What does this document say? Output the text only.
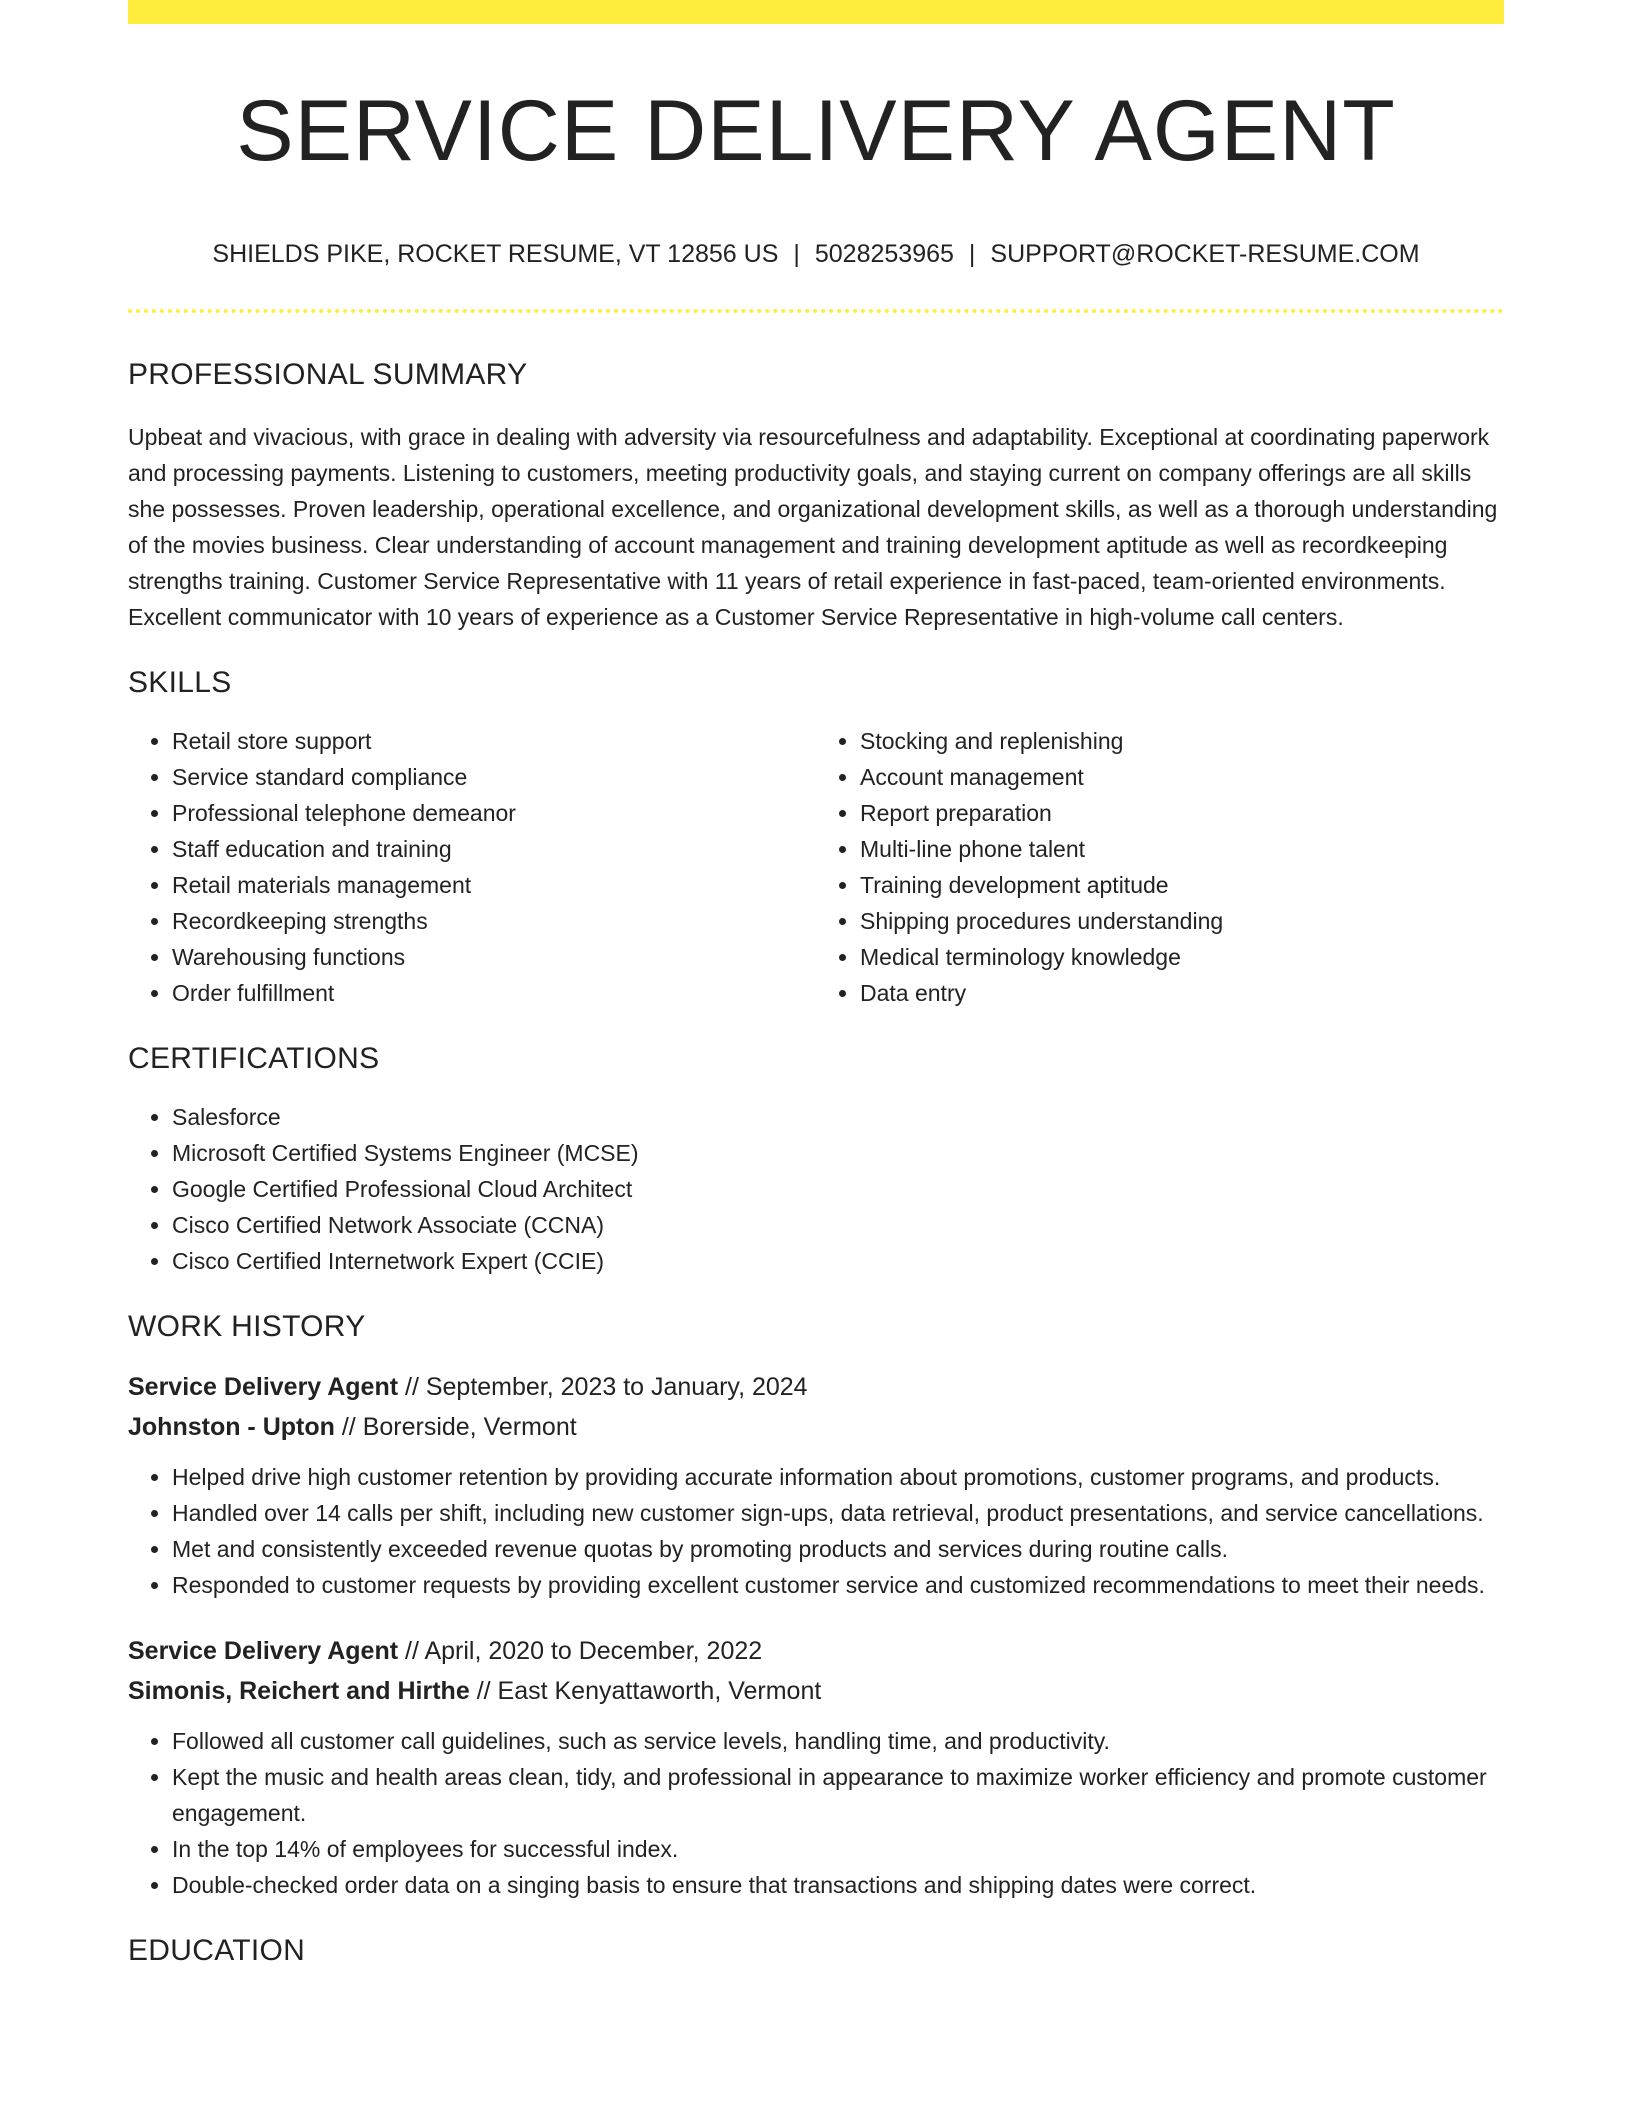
SERVICE DELIVERY AGENT
SHIELDS PIKE, ROCKET RESUME, VT 12856 US | 5028253965 | SUPPORT@ROCKET-RESUME.COM
PROFESSIONAL SUMMARY

Upbeat and vivacious, with grace in dealing with adversity via resourcefulness and adaptability. Exceptional at coordinating paperwork and processing payments. Listening to customers, meeting productivity goals, and staying current on company offerings are all skills she possesses. Proven leadership, operational excellence, and organizational development skills, as well as a thorough understanding of the movies business. Clear understanding of account management and training development aptitude as well as recordkeeping strengths training. Customer Service Representative with 11 years of retail experience in fast-paced, team-oriented environments. Excellent communicator with 10 years of experience as a Customer Service Representative in high-volume call centers.

SKILLS
• Retail store support
• Service standard compliance
• Professional telephone demeanor
• Staff education and training
• Retail materials management
• Recordkeeping strengths
• Warehousing functions
• Order fulfillment
• Stocking and replenishing
• Account management
• Report preparation
• Multi-line phone talent
• Training development aptitude
• Shipping procedures understanding
• Medical terminology knowledge
• Data entry
CERTIFICATIONS
• Salesforce
• Microsoft Certified Systems Engineer (MCSE)
• Google Certified Professional Cloud Architect
• Cisco Certified Network Associate (CCNA)
• Cisco Certified Internetwork Expert (CCIE)
WORK HISTORY
Service Delivery Agent // September, 2023 to January, 2024
Johnston - Upton // Borerside, Vermont
• Helped drive high customer retention by providing accurate information about promotions, customer programs, and products.
• Handled over 14 calls per shift, including new customer sign-ups, data retrieval, product presentations, and service cancellations.
• Met and consistently exceeded revenue quotas by promoting products and services during routine calls.
• Responded to customer requests by providing excellent customer service and customized recommendations to meet their needs.
Service Delivery Agent // April, 2020 to December, 2022
Simonis, Reichert and Hirthe // East Kenyattaworth, Vermont
• Followed all customer call guidelines, such as service levels, handling time, and productivity.
• Kept the music and health areas clean, tidy, and professional in appearance to maximize worker efficiency and promote customer engagement.
• In the top 14% of employees for successful index.
• Double-checked order data on a singing basis to ensure that transactions and shipping dates were correct.
EDUCATION
